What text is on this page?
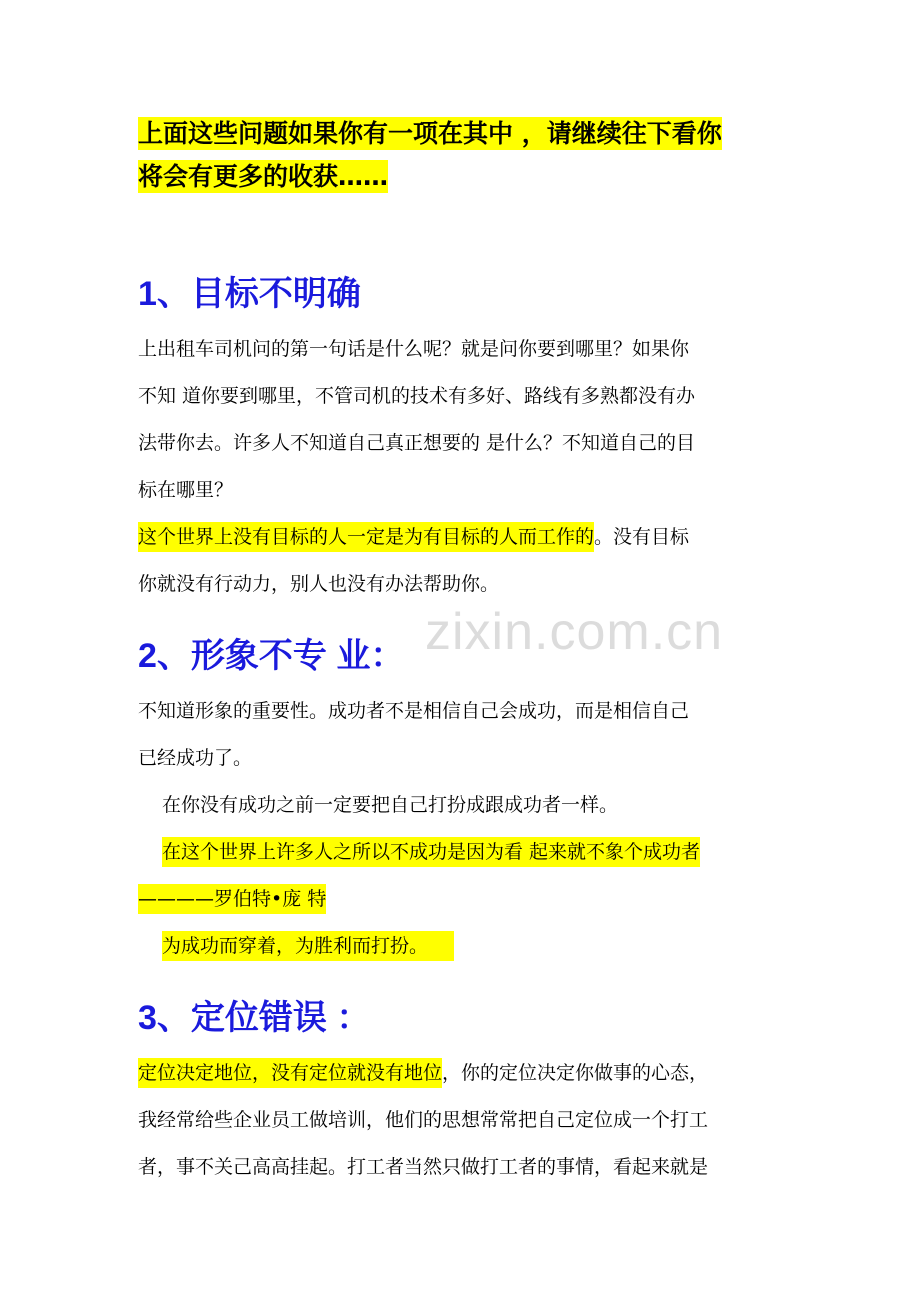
上面这些问题如果你有一项在其中 ，请继续往下看你
将会有更多的收获……
1、目标不明确
上出租车司机问的第一句话是什么呢？就是问你要到哪里？如果你
不知 道你要到哪里，不管司机的技术有多好、路线有多熟都没有办
法带你去。许多人不知道自己真正想要的 是什么？不知道自己的目
标在哪里？
这个世界上没有目标的人一定是为有目标的人而工作的。没有目标
你就没有行动力，别人也没有办法帮助你。
2、形象不专 业：
不知道形象的重要性。成功者不是相信自己会成功，而是相信自己
已经成功了。
在你没有成功之前一定要把自己打扮成跟成功者一样。
在这个世界上许多人之所以不成功是因为看 起来就不象个成功者
————罗伯特•庞 特
为成功而穿着，为胜利而打扮。
3、定位错误 ：
定位决定地位，没有定位就没有地位，你的定位决定你做事的心态，
我经常给些企业员工做培训，他们的思想常常把自己定位成一个打工
者，事不关己高高挂起。打工者当然只做打工者的事情，看起来就是
zixin.com.cn
